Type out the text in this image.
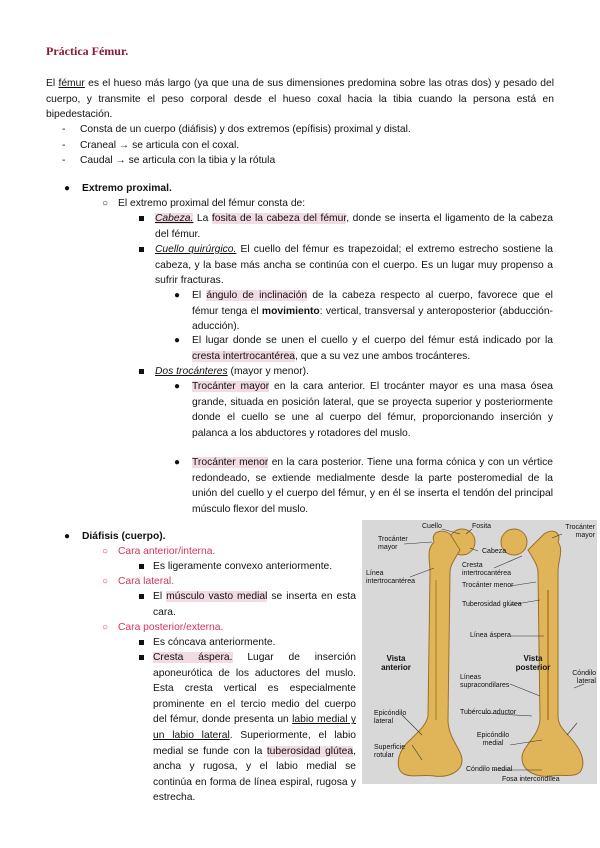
Práctica Fémur.
El fémur es el hueso más largo (ya que una de sus dimensiones predomina sobre las otras dos) y pesado del cuerpo, y transmite el peso corporal desde el hueso coxal hacia la tibia cuando la persona está en bipedestación.
- Consta de un cuerpo (diáfisis) y dos extremos (epífisis) proximal y distal.
- Craneal → se articula con el coxal.
- Caudal → se articula con la tibia y la rótula
● Extremo proximal.
○ El extremo proximal del fémur consta de:
Cabeza. La fosita de la cabeza del fémur, donde se inserta el ligamento de la cabeza del fémur.
Cuello quirúrgico. El cuello del fémur es trapezoidal; el extremo estrecho sostiene la cabeza, y la base más ancha se continúa con el cuerpo. Es un lugar muy propenso a sufrir fracturas.
● El ángulo de inclinación de la cabeza respecto al cuerpo, favorece que el fémur tenga el movimiento: vertical, transversal y anteroposterior (abducción-aducción).
● El lugar donde se unen el cuello y el cuerpo del fémur está indicado por la cresta intertrocantérea, que a su vez une ambos trocánteres.
Dos trocánteres (mayor y menor).
● Trocánter mayor en la cara anterior. El trocánter mayor es una masa ósea grande, situada en posición lateral, que se proyecta superior y posteriormente donde el cuello se une al cuerpo del fémur, proporcionando inserción y palanca a los abductores y rotadores del muslo.
● Trocánter menor en la cara posterior. Tiene una forma cónica y con un vértice redondeado, se extiende medialmente desde la parte posteromedial de la unión del cuello y el cuerpo del fémur, y en él se inserta el tendón del principal músculo flexor del muslo.
● Diáfisis (cuerpo).
○ Cara anterior/interna.
Es ligeramente convexo anteriormente.
○ Cara lateral.
El músculo vasto medial se inserta en esta cara.
○ Cara posterior/externa.
Es cóncava anteriormente.
Cresta áspera. Lugar de inserción aponeurótica de los aductores del muslo. Esta cresta vertical es especialmente prominente en el tercio medio del cuerpo del fémur, donde presenta un labio medial y un labio lateral. Superiormente, el labio medial se funde con la tuberosidad glútea, ancha y rugosa, y el labio medial se continúa en forma de línea espiral, rugosa y estrecha.
Cuello	Fosita
Cabeza
Trocánter mayor
Trocánter mayor
Línea intertrocantérea
Cresta intertrocantérea
Trocánter menor
Tuberosidad glútea
Línea áspera
Vista anterior
Vista posterior
Líneas supracondilares
Tubérculo aductor
Epicóndilo lateral
Epicóndilo medial
Cóndilo lateral
Superficie rotular
Cóndilo medial
Fosa intercondílea
